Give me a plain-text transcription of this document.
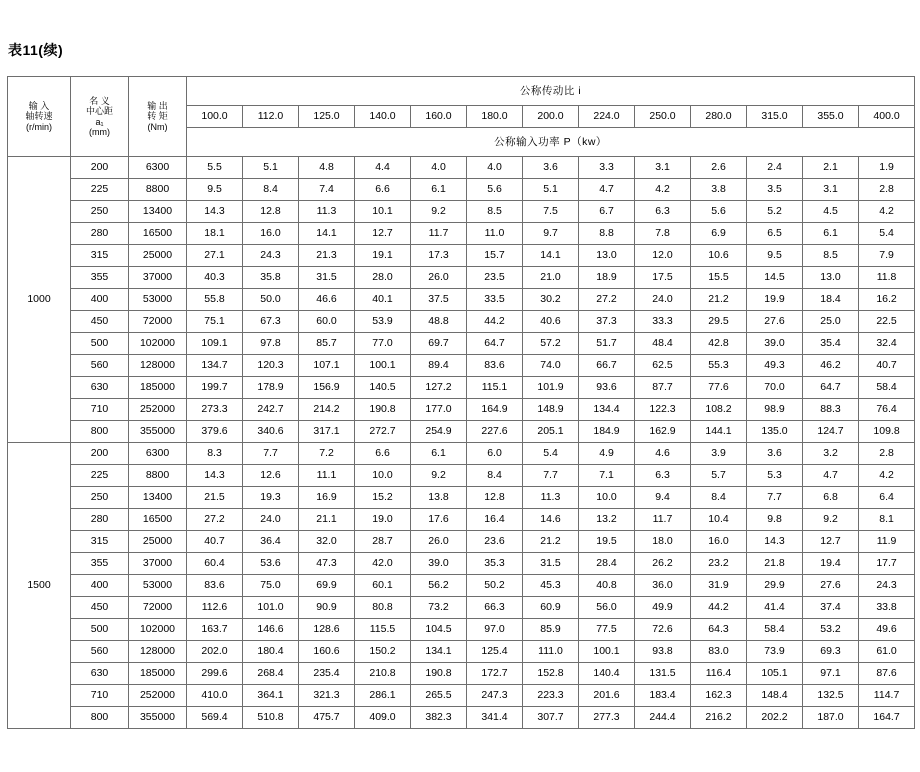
表11(续)
输 入
轴转速
(r/min)	名 义
中心距
a₁
(mm)	输 出
转 矩
(Nm)	公称传动比 i												
			100.0	112.0	125.0	140.0	160.0	180.0	200.0	224.0	250.0	280.0	315.0	355.0	400.0
			公称输入功率 P（kw）												
1000	200	6300	5.5	5.1	4.8	4.4	4.0	4.0	3.6	3.3	3.1	2.6	2.4	2.1	1.9
	225	8800	9.5	8.4	7.4	6.6	6.1	5.6	5.1	4.7	4.2	3.8	3.5	3.1	2.8
	250	13400	14.3	12.8	11.3	10.1	9.2	8.5	7.5	6.7	6.3	5.6	5.2	4.5	4.2
	280	16500	18.1	16.0	14.1	12.7	11.7	11.0	9.7	8.8	7.8	6.9	6.5	6.1	5.4
	315	25000	27.1	24.3	21.3	19.1	17.3	15.7	14.1	13.0	12.0	10.6	9.5	8.5	7.9
	355	37000	40.3	35.8	31.5	28.0	26.0	23.5	21.0	18.9	17.5	15.5	14.5	13.0	11.8
	400	53000	55.8	50.0	46.6	40.1	37.5	33.5	30.2	27.2	24.0	21.2	19.9	18.4	16.2
	450	72000	75.1	67.3	60.0	53.9	48.8	44.2	40.6	37.3	33.3	29.5	27.6	25.0	22.5
	500	102000	109.1	97.8	85.7	77.0	69.7	64.7	57.2	51.7	48.4	42.8	39.0	35.4	32.4
	560	128000	134.7	120.3	107.1	100.1	89.4	83.6	74.0	66.7	62.5	55.3	49.3	46.2	40.7
	630	185000	199.7	178.9	156.9	140.5	127.2	115.1	101.9	93.6	87.7	77.6	70.0	64.7	58.4
	710	252000	273.3	242.7	214.2	190.8	177.0	164.9	148.9	134.4	122.3	108.2	98.9	88.3	76.4
	800	355000	379.6	340.6	317.1	272.7	254.9	227.6	205.1	184.9	162.9	144.1	135.0	124.7	109.8
1500	200	6300	8.3	7.7	7.2	6.6	6.1	6.0	5.4	4.9	4.6	3.9	3.6	3.2	2.8
	225	8800	14.3	12.6	11.1	10.0	9.2	8.4	7.7	7.1	6.3	5.7	5.3	4.7	4.2
	250	13400	21.5	19.3	16.9	15.2	13.8	12.8	11.3	10.0	9.4	8.4	7.7	6.8	6.4
	280	16500	27.2	24.0	21.1	19.0	17.6	16.4	14.6	13.2	11.7	10.4	9.8	9.2	8.1
	315	25000	40.7	36.4	32.0	28.7	26.0	23.6	21.2	19.5	18.0	16.0	14.3	12.7	11.9
	355	37000	60.4	53.6	47.3	42.0	39.0	35.3	31.5	28.4	26.2	23.2	21.8	19.4	17.7
	400	53000	83.6	75.0	69.9	60.1	56.2	50.2	45.3	40.8	36.0	31.9	29.9	27.6	24.3
	450	72000	112.6	101.0	90.9	80.8	73.2	66.3	60.9	56.0	49.9	44.2	41.4	37.4	33.8
	500	102000	163.7	146.6	128.6	115.5	104.5	97.0	85.9	77.5	72.6	64.3	58.4	53.2	49.6
	560	128000	202.0	180.4	160.6	150.2	134.1	125.4	111.0	100.1	93.8	83.0	73.9	69.3	61.0
	630	185000	299.6	268.4	235.4	210.8	190.8	172.7	152.8	140.4	131.5	116.4	105.1	97.1	87.6
	710	252000	410.0	364.1	321.3	286.1	265.5	247.3	223.3	201.6	183.4	162.3	148.4	132.5	114.7
	800	355000	569.4	510.8	475.7	409.0	382.3	341.4	307.7	277.3	244.4	216.2	202.2	187.0	164.7
